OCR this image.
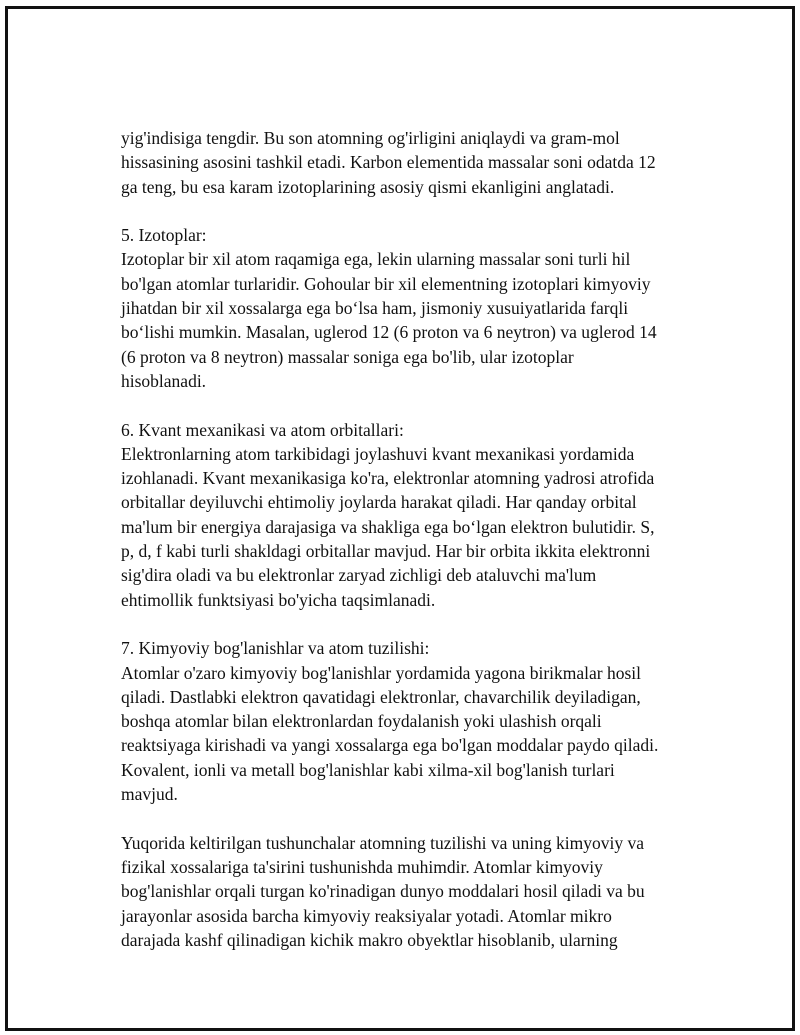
yig'indisiga tengdir. Bu son atomning og'irligini aniqlaydi va gram-mol
hissasining asosini tashkil etadi. Karbon elementida massalar soni odatda 12
ga teng, bu esa karam izotoplarining asosiy qismi ekanligini anglatadi.
5. Izotoplar:
Izotoplar bir xil atom raqamiga ega, lekin ularning massalar soni turli hil
bo'lgan atomlar turlaridir. Gohoular bir xil elementning izotoplari kimyoviy
jihatdan bir xil xossalarga ega bo‘lsa ham, jismoniy xusuiyatlarida farqli
bo‘lishi mumkin. Masalan, uglerod 12 (6 proton va 6 neytron) va uglerod 14
(6 proton va 8 neytron) massalar soniga ega bo'lib, ular izotoplar
hisoblanadi.
6. Kvant mexanikasi va atom orbitallari:
Elektronlarning atom tarkibidagi joylashuvi kvant mexanikasi yordamida
izohlanadi. Kvant mexanikasiga ko'ra, elektronlar atomning yadrosi atrofida
orbitallar deyiluvchi ehtimoliy joylarda harakat qiladi. Har qanday orbital
ma'lum bir energiya darajasiga va shakliga ega bo‘lgan elektron bulutidir. S,
p, d, f kabi turli shakldagi orbitallar mavjud. Har bir orbita ikkita elektronni
sig'dira oladi va bu elektronlar zaryad zichligi deb ataluvchi ma'lum
ehtimollik funktsiyasi bo'yicha taqsimlanadi.
7. Kimyoviy bog'lanishlar va atom tuzilishi:
Atomlar o'zaro kimyoviy bog'lanishlar yordamida yagona birikmalar hosil
qiladi. Dastlabki elektron qavatidagi elektronlar, chavarchilik deyiladigan,
boshqa atomlar bilan elektronlardan foydalanish yoki ulashish orqali
reaktsiyaga kirishadi va yangi xossalarga ega bo'lgan moddalar paydo qiladi.
Kovalent, ionli va metall bog'lanishlar kabi xilma-xil bog'lanish turlari
mavjud.
Yuqorida keltirilgan tushunchalar atomning tuzilishi va uning kimyoviy va
fizikal xossalariga ta'sirini tushunishda muhimdir. Atomlar kimyoviy
bog'lanishlar orqali turgan ko'rinadigan dunyo moddalari hosil qiladi va bu
jarayonlar asosida barcha kimyoviy reaksiyalar yotadi. Atomlar mikro
darajada kashf qilinadigan kichik makro obyektlar hisoblanib, ularning
